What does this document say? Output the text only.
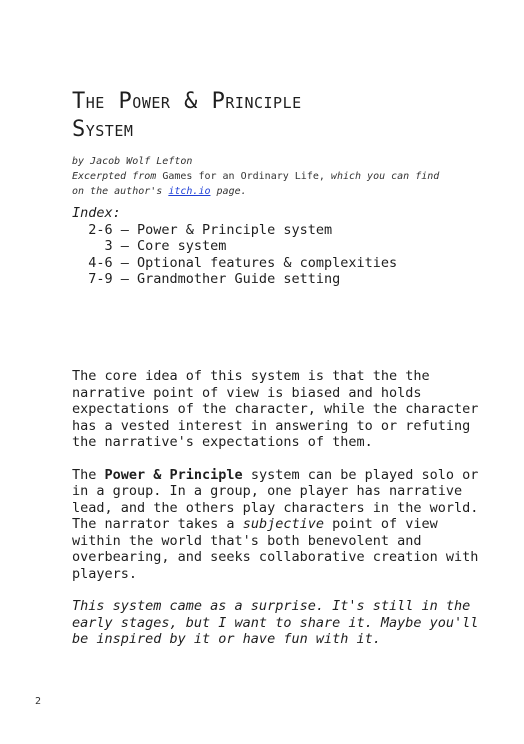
The Power & Principle
System
by Jacob Wolf Lefton
Excerpted from Games for an Ordinary Life, which you can find
on the author's itch.io page.
Index:
2-6 — Power & Principle system
3 — Core system
4-6 — Optional features & complexities
7-9 — Grandmother Guide setting

The core idea of this system is that the the narrative point of view is biased and holds expectations of the character, while the character has a vested interest in answering to or refuting the narrative's expectations of them.

The Power & Principle system can be played solo or in a group. In a group, one player has narrative lead, and the others play characters in the world. The narrator takes a subjective point of view within the world that's both benevolent and overbearing, and seeks collaborative creation with players.

This system came as a surprise. It's still in the early stages, but I want to share it. Maybe you'll be inspired by it or have fun with it.

2
